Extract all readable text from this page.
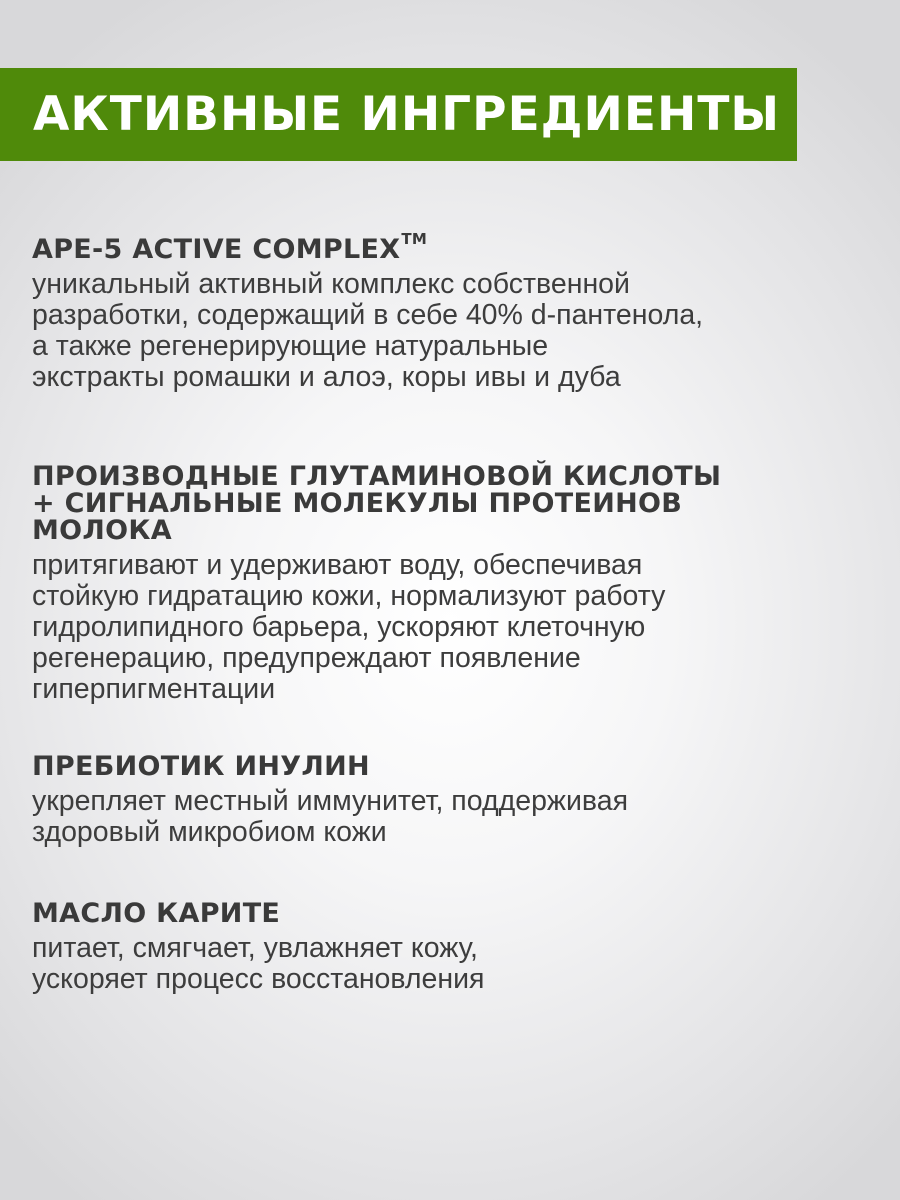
АКТИВНЫЕ ИНГРЕДИЕНТЫ
APE-5 ACTIVE COMPLEX™

уникальный активный комплекс собственной
разработки, содержащий в себе 40% d-пантенола,
а также регенерирующие натуральные
экстракты ромашки и алоэ, коры ивы и дуба

ПРОИЗВОДНЫЕ ГЛУТАМИНОВОЙ КИСЛОТЫ
+ СИГНАЛЬНЫЕ МОЛЕКУЛЫ ПРОТЕИНОВ
МОЛОКА

притягивают и удерживают воду, обеспечивая
стойкую гидратацию кожи, нормализуют работу
гидролипидного барьера, ускоряют клеточную
регенерацию, предупреждают появление
гиперпигментации

ПРЕБИОТИК ИНУЛИН

укрепляет местный иммунитет, поддерживая
здоровый микробиом кожи

МАСЛО КАРИТЕ

питает, смягчает, увлажняет кожу,
ускоряет процесс восстановления
